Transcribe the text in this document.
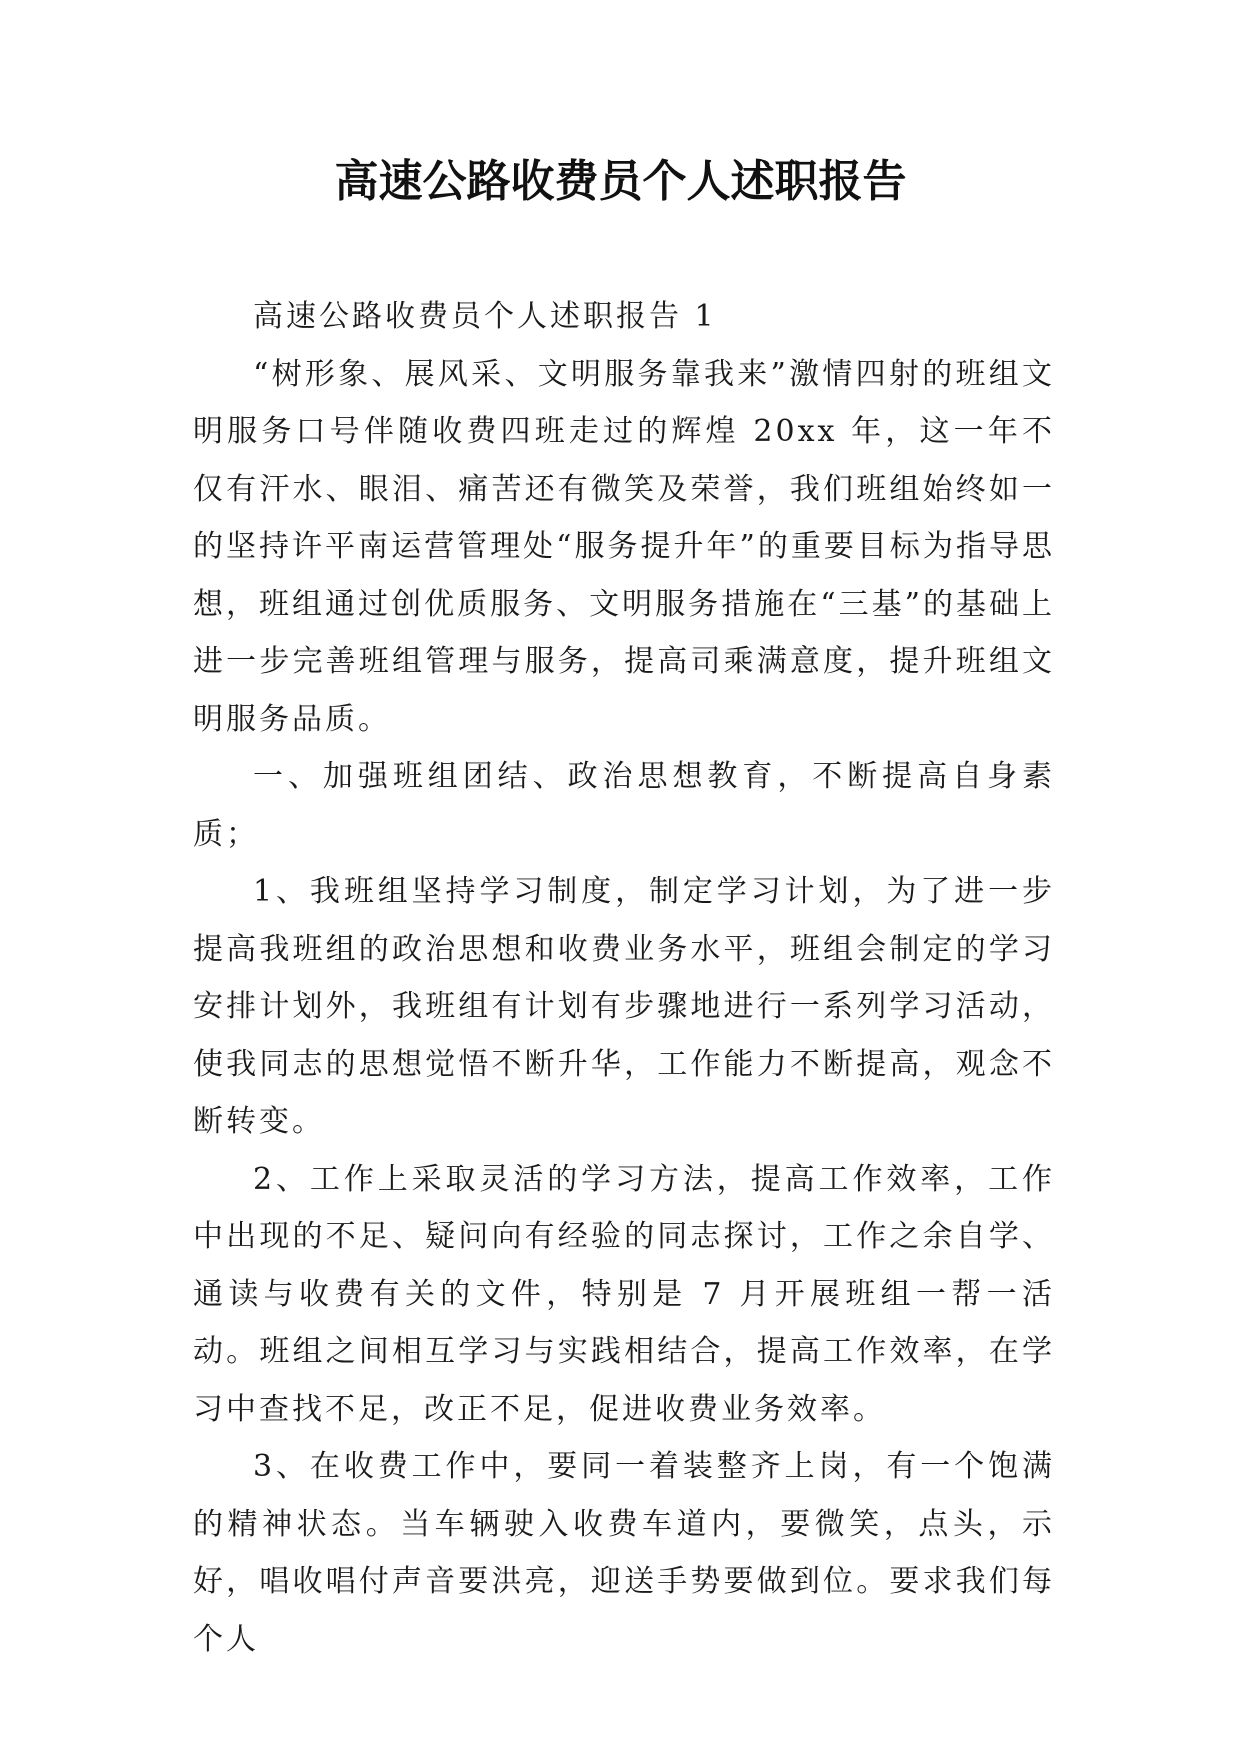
高速公路收费员个人述职报告

高速公路收费员个人述职报告 1

“树形象、展风采、文明服务靠我来”激情四射的班组文明服务口号伴随收费四班走过的辉煌 20xx 年，这一年不仅有汗水、眼泪、痛苦还有微笑及荣誉，我们班组始终如一的坚持许平南运营管理处“服务提升年”的重要目标为指导思想，班组通过创优质服务、文明服务措施在“三基”的基础上进一步完善班组管理与服务，提高司乘满意度，提升班组文明服务品质。

一、加强班组团结、政治思想教育，不断提高自身素质；

1、我班组坚持学习制度，制定学习计划，为了进一步提高我班组的政治思想和收费业务水平，班组会制定的学习安排计划外，我班组有计划有步骤地进行一系列学习活动，使我同志的思想觉悟不断升华，工作能力不断提高，观念不断转变。

2、工作上采取灵活的学习方法，提高工作效率，工作中出现的不足、疑问向有经验的同志探讨，工作之余自学、通读与收费有关的文件，特别是 7 月开展班组一帮一活动。班组之间相互学习与实践相结合，提高工作效率，在学习中查找不足，改正不足，促进收费业务效率。

3、在收费工作中，要同一着装整齐上岗，有一个饱满的精神状态。当车辆驶入收费车道内，要微笑，点头，示好，唱收唱付声音要洪亮，迎送手势要做到位。要求我们每个人
